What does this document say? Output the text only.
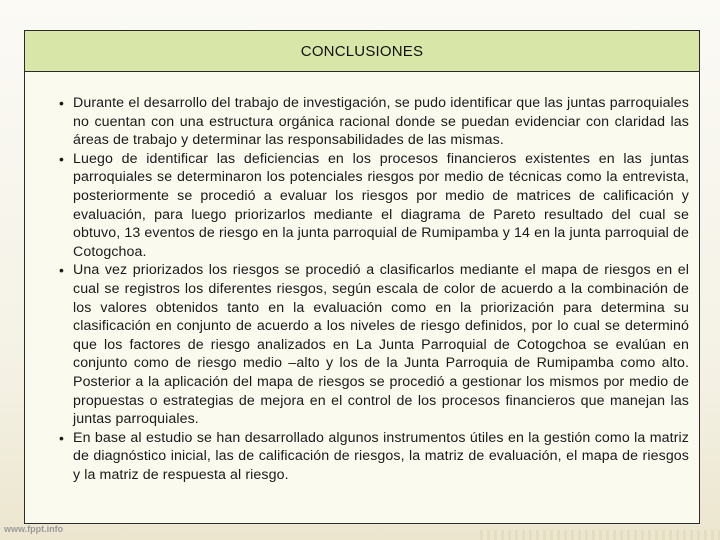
CONCLUSIONES
• Durante el desarrollo del trabajo de investigación, se pudo identificar que las juntas parroquiales no cuentan con una estructura orgánica racional donde se puedan evidenciar con claridad las áreas de trabajo y determinar las responsabilidades de las mismas.
• Luego de identificar las deficiencias en los procesos financieros existentes en las juntas parroquiales se determinaron los potenciales riesgos por medio de técnicas como la entrevista, posteriormente se procedió a evaluar los riesgos por medio de matrices de calificación y evaluación, para luego priorizarlos mediante el diagrama de Pareto resultado del cual se obtuvo, 13 eventos de riesgo en la junta parroquial de Rumipamba y 14 en la junta parroquial de Cotogchoa.
• Una vez priorizados los riesgos se procedió a clasificarlos mediante el mapa de riesgos en el cual se registros los diferentes riesgos, según escala de color de acuerdo a la combinación de los valores obtenidos tanto en la evaluación como en la priorización para determina su clasificación en conjunto de acuerdo a los niveles de riesgo definidos, por lo cual se determinó que los factores de riesgo analizados en La Junta Parroquial de Cotogchoa se evalúan en conjunto como de riesgo medio –alto y los de la Junta Parroquia de Rumipamba como alto. Posterior a la aplicación del mapa de riesgos se procedió a gestionar los mismos por medio de propuestas o estrategias de mejora en el control de los procesos financieros que manejan las juntas parroquiales.
• En base al estudio se han desarrollado algunos instrumentos útiles en la gestión como la matriz de diagnóstico inicial, las de calificación de riesgos, la matriz de evaluación, el mapa de riesgos y la matriz de respuesta al riesgo.
www.fppt.info
